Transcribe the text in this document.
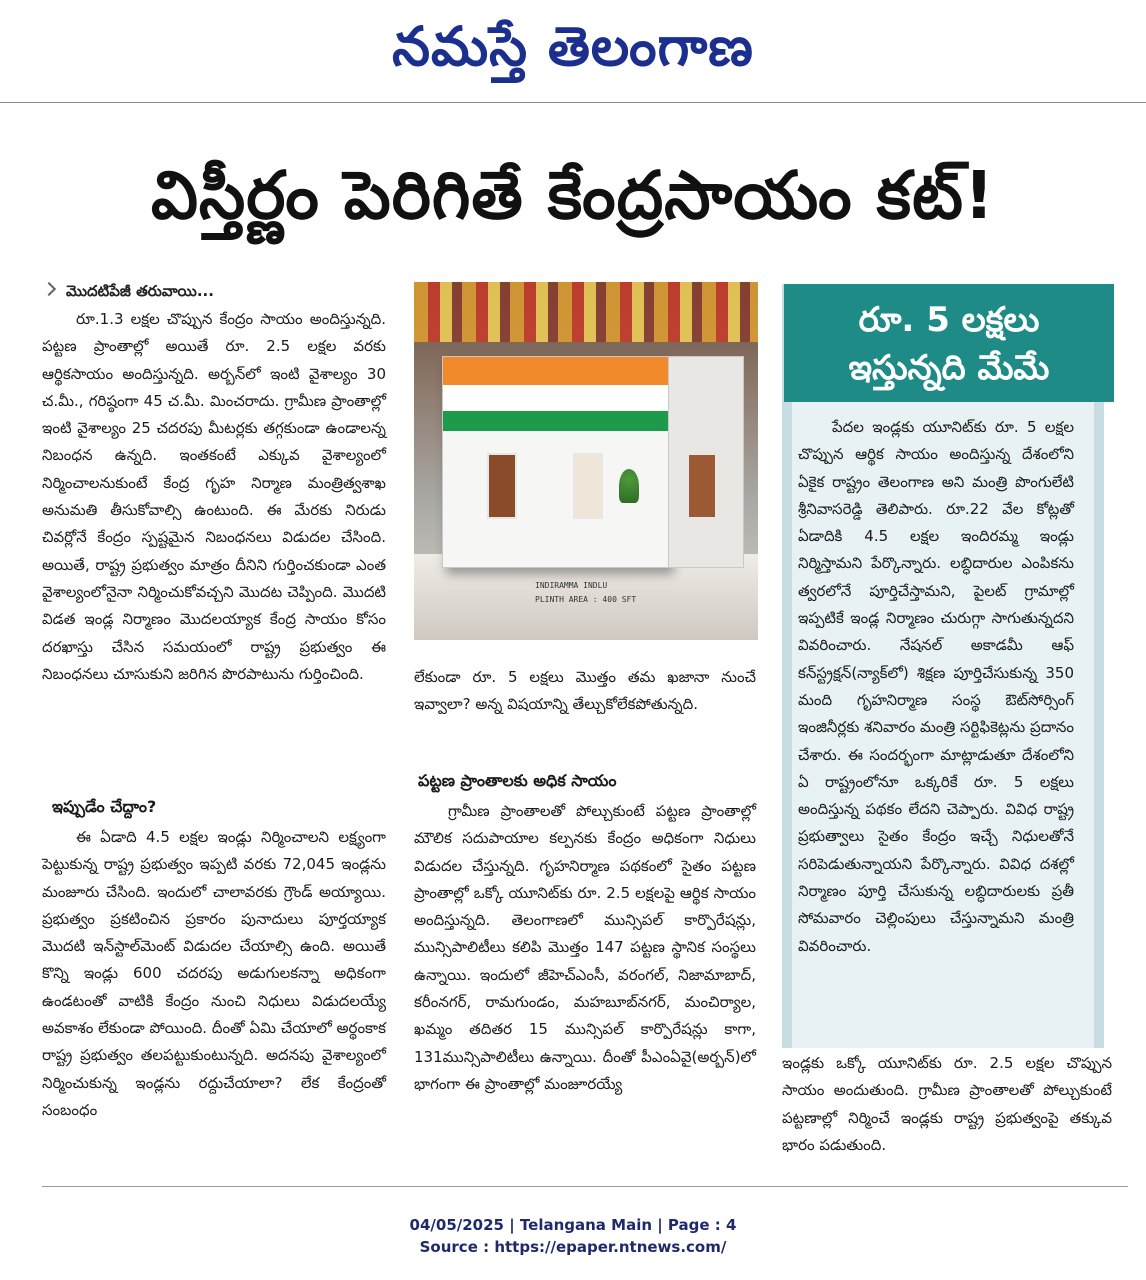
నమస్తే తెలంగాణ
విస్తీర్ణం పెరిగితే కేంద్రసాయం కట్!
మొదటిపేజీ తరువాయి...

రూ.1.3 లక్షల చొప్పున కేంద్రం సాయం అందిస్తున్నది. పట్టణ ప్రాంతాల్లో అయితే రూ. 2.5 లక్షల వరకు ఆర్థికసాయం అందిస్తున్నది. అర్బన్‌లో ఇంటి వైశాల్యం 30 చ.మీ., గరిష్ఠంగా 45 చ.మీ. మించరాదు. గ్రామీణ ప్రాంతాల్లో ఇంటి వైశాల్యం 25 చదరపు మీటర్లకు తగ్గకుండా ఉండాలన్న నిబంధన ఉన్నది. ఇంతకంటే ఎక్కువ వైశాల్యంలో నిర్మించాలనుకుంటే కేంద్ర గృహ నిర్మాణ మంత్రిత్వశాఖ అనుమతి తీసుకోవాల్సి ఉంటుంది. ఈ మేరకు నిరుడు చివర్లోనే కేంద్రం స్పష్టమైన నిబంధనలు విడుదల చేసింది. అయితే, రాష్ట్ర ప్రభుత్వం మాత్రం దీనిని గుర్తించకుండా ఎంత వైశాల్యంలోనైనా నిర్మించుకోవచ్చని మొదట చెప్పింది. మొదటి విడత ఇండ్ల నిర్మాణం మొదలయ్యాక కేంద్ర సాయం కోసం దరఖాస్తు చేసిన సమయంలో రాష్ట్ర ప్రభుత్వం ఈ నిబంధనలు చూసుకుని జరిగిన పొరపాటును గుర్తించింది.

ఇప్పుడేం చేద్దాం?

ఈ ఏడాది 4.5 లక్షల ఇండ్లు నిర్మించాలని లక్ష్యంగా పెట్టుకున్న రాష్ట్ర ప్రభుత్వం ఇప్పటి వరకు 72,045 ఇండ్లను మంజూరు చేసింది. ఇందులో చాలావరకు గ్రౌండ్ అయ్యాయి. ప్రభుత్వం ప్రకటించిన ప్రకారం పునాదులు పూర్తయ్యాక మొదటి ఇన్‌స్టాల్‌మెంట్ విడుదల చేయాల్సి ఉంది. అయితే కొన్ని ఇండ్లు 600 చదరపు అడుగులకన్నా అధికంగా ఉండటంతో వాటికి కేంద్రం నుంచి నిధులు విడుదలయ్యే అవకాశం లేకుండా పోయింది. దీంతో ఏమి చేయాలో అర్థంకాక రాష్ట్ర ప్రభుత్వం తలపట్టుకుంటున్నది. అదనపు వైశాల్యంలో నిర్మించుకున్న ఇండ్లను రద్దుచేయాలా? లేక కేంద్రంతో సంబంధం

INDIRAMMA INDLU
PLINTH AREA : 400 SFT

లేకుండా రూ. 5 లక్షలు మొత్తం తమ ఖజానా నుంచే ఇవ్వాలా? అన్న విషయాన్ని తేల్చుకోలేకపోతున్నది.

పట్టణ ప్రాంతాలకు అధిక సాయం

గ్రామీణ ప్రాంతాలతో పోల్చుకుంటే పట్టణ ప్రాంతాల్లో మౌలిక సదుపాయాల కల్పనకు కేంద్రం అధికంగా నిధులు విడుదల చేస్తున్నది. గృహనిర్మాణ పథకంలో సైతం పట్టణ ప్రాంతాల్లో ఒక్కో యూనిట్‌కు రూ. 2.5 లక్షలపై ఆర్థిక సాయం అందిస్తున్నది. తెలంగాణలో మున్సిపల్ కార్పొరేషన్లు, మున్సిపాలిటీలు కలిపి మొత్తం 147 పట్టణ స్థానిక సంస్థలు ఉన్నాయి. ఇందులో జీహెచ్ఎంసీ, వరంగల్, నిజామాబాద్, కరీంనగర్, రామగుండం, మహబూబ్‌నగర్, మంచిర్యాల, ఖమ్మం తదితర 15 మున్సిపల్ కార్పొరేషన్లు కాగా, 131మున్సిపాలిటీలు ఉన్నాయి. దీంతో పీఎంఏవై(అర్బన్)లో భాగంగా ఈ ప్రాంతాల్లో మంజూరయ్యే

రూ. 5 లక్షలు
ఇస్తున్నది మేమే

పేదల ఇండ్లకు యూనిట్‌కు రూ. 5 లక్షల చొప్పున ఆర్థిక సాయం అందిస్తున్న దేశంలోని ఏకైక రాష్ట్రం తెలంగాణ అని మంత్రి పొంగులేటి శ్రీనివాసరెడ్డి తెలిపారు. రూ.22 వేల కోట్లతో ఏడాదికి 4.5 లక్షల ఇందిరమ్మ ఇండ్లు నిర్మిస్తామని పేర్కొన్నారు. లబ్ధిదారుల ఎంపికను త్వరలోనే పూర్తిచేస్తామని, పైలట్ గ్రామాల్లో ఇప్పటికే ఇండ్ల నిర్మాణం చురుగ్గా సాగుతున్నదని వివరించారు. నేషనల్ అకాడమీ ఆఫ్ కన్‌స్ట్రక్షన్(న్యాక్‌లో) శిక్షణ పూర్తిచేసుకున్న 350 మంది గృహనిర్మాణ సంస్థ ఔట్‌సోర్సింగ్ ఇంజినీర్లకు శనివారం మంత్రి సర్టిఫికెట్లను ప్రదానం చేశారు. ఈ సందర్భంగా మాట్లాడుతూ దేశంలోని ఏ రాష్ట్రంలోనూ ఒక్కరికే రూ. 5 లక్షలు అందిస్తున్న పథకం లేదని చెప్పారు. వివిధ రాష్ట్ర ప్రభుత్వాలు సైతం కేంద్రం ఇచ్చే నిధులతోనే సరిపెడుతున్నాయని పేర్కొన్నారు. వివిధ దశల్లో నిర్మాణం పూర్తి చేసుకున్న లబ్ధిదారులకు ప్రతీ సోమవారం చెల్లింపులు చేస్తున్నామని మంత్రి వివరించారు.

ఇండ్లకు ఒక్కో యూనిట్‌కు రూ. 2.5 లక్షల చొప్పున సాయం అందుతుంది. గ్రామీణ ప్రాంతాలతో పోల్చుకుంటే పట్టణాల్లో నిర్మించే ఇండ్లకు రాష్ట్ర ప్రభుత్వంపై తక్కువ భారం పడుతుంది.

04/05/2025 | Telangana Main | Page : 4
Source : https://epaper.ntnews.com/
